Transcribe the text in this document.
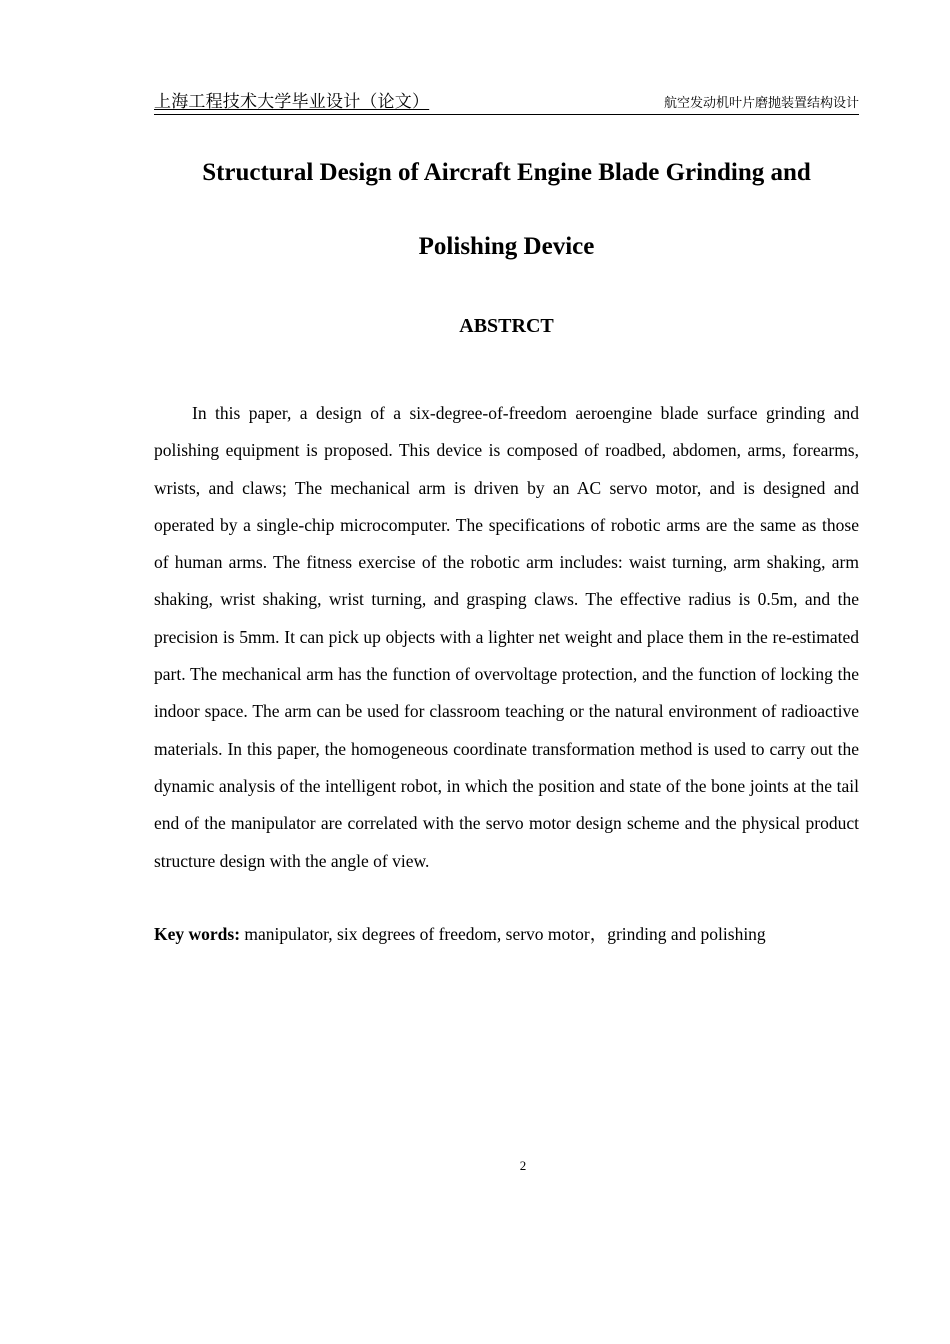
上海工程技术大学毕业设计（论文）	航空发动机叶片磨抛装置结构设计
Structural Design of Aircraft Engine Blade Grinding and
Polishing Device
ABSTRCT

In this paper, a design of a six-degree-of-freedom aeroengine blade surface grinding and polishing equipment is proposed. This device is composed of roadbed, abdomen, arms, forearms, wrists, and claws; The mechanical arm is driven by an AC servo motor, and is designed and operated by a single-chip microcomputer. The specifications of robotic arms are the same as those of human arms. The fitness exercise of the robotic arm includes: waist turning, arm shaking, arm shaking, wrist shaking, wrist turning, and grasping claws. The effective radius is 0.5m, and the precision is 5mm. It can pick up objects with a lighter net weight and place them in the re-estimated part. The mechanical arm has the function of overvoltage protection, and the function of locking the indoor space. The arm can be used for classroom teaching or the natural environment of radioactive materials. In this paper, the homogeneous coordinate transformation method is used to carry out the dynamic analysis of the intelligent robot, in which the position and state of the bone joints at the tail end of the manipulator are correlated with the servo motor design scheme and the physical product structure design with the angle of view.

Key words: manipulator, six degrees of freedom, servo motor，grinding and polishing

2
